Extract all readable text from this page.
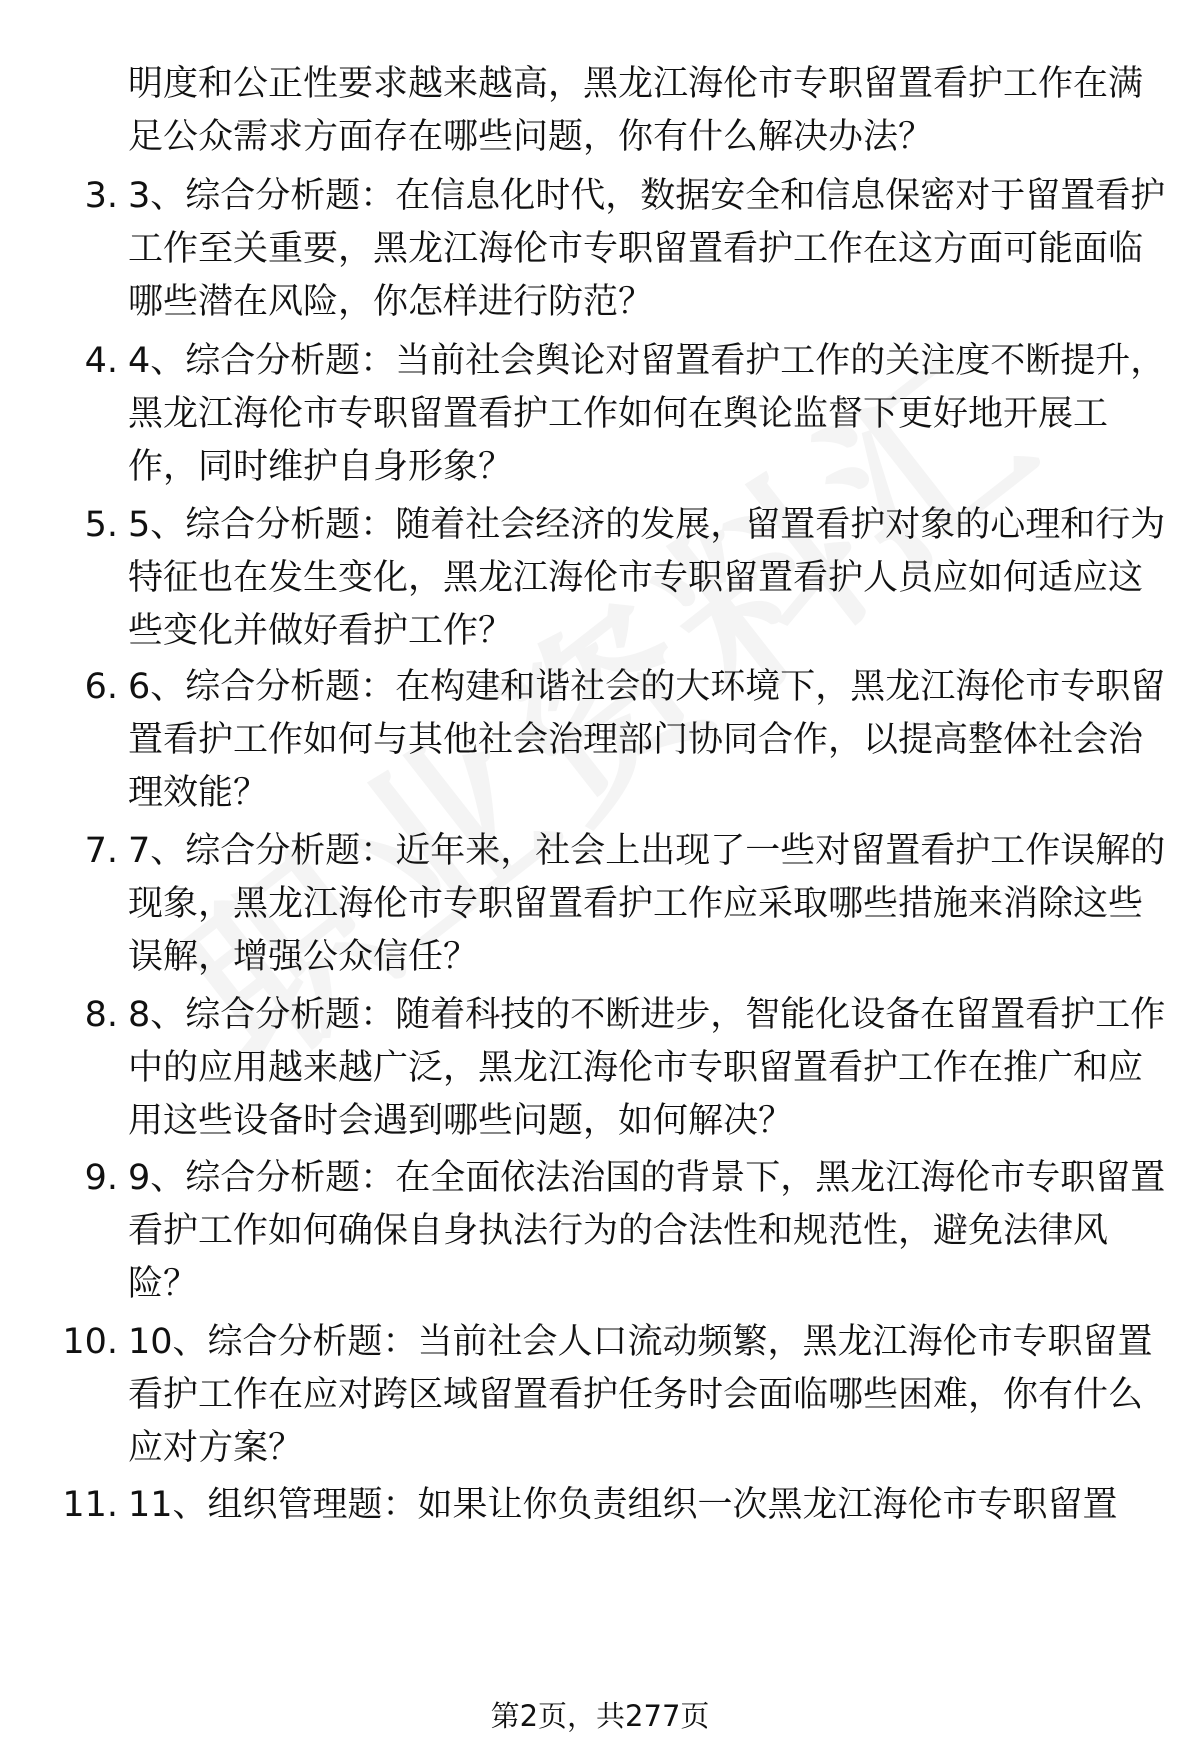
明度和公正性要求越来越高，黑龙江海伦市专职留置看护工作在满足公众需求方面存在哪些问题，你有什么解决办法？
3. 3、综合分析题：在信息化时代，数据安全和信息保密对于留置看护工作至关重要，黑龙江海伦市专职留置看护工作在这方面可能面临哪些潜在风险，你怎样进行防范？
4. 4、综合分析题：当前社会舆论对留置看护工作的关注度不断提升，黑龙江海伦市专职留置看护工作如何在舆论监督下更好地开展工作，同时维护自身形象？
5. 5、综合分析题：随着社会经济的发展，留置看护对象的心理和行为特征也在发生变化，黑龙江海伦市专职留置看护人员应如何适应这些变化并做好看护工作？
6. 6、综合分析题：在构建和谐社会的大环境下，黑龙江海伦市专职留置看护工作如何与其他社会治理部门协同合作，以提高整体社会治理效能？
7. 7、综合分析题：近年来，社会上出现了一些对留置看护工作误解的现象，黑龙江海伦市专职留置看护工作应采取哪些措施来消除这些误解，增强公众信任？
8. 8、综合分析题：随着科技的不断进步，智能化设备在留置看护工作中的应用越来越广泛，黑龙江海伦市专职留置看护工作在推广和应用这些设备时会遇到哪些问题，如何解决？
9. 9、综合分析题：在全面依法治国的背景下，黑龙江海伦市专职留置看护工作如何确保自身执法行为的合法性和规范性，避免法律风险？
10. 10、综合分析题：当前社会人口流动频繁，黑龙江海伦市专职留置看护工作在应对跨区域留置看护任务时会面临哪些困难，你有什么应对方案？
11. 11、组织管理题：如果让你负责组织一次黑龙江海伦市专职留置
第2页，共277页
